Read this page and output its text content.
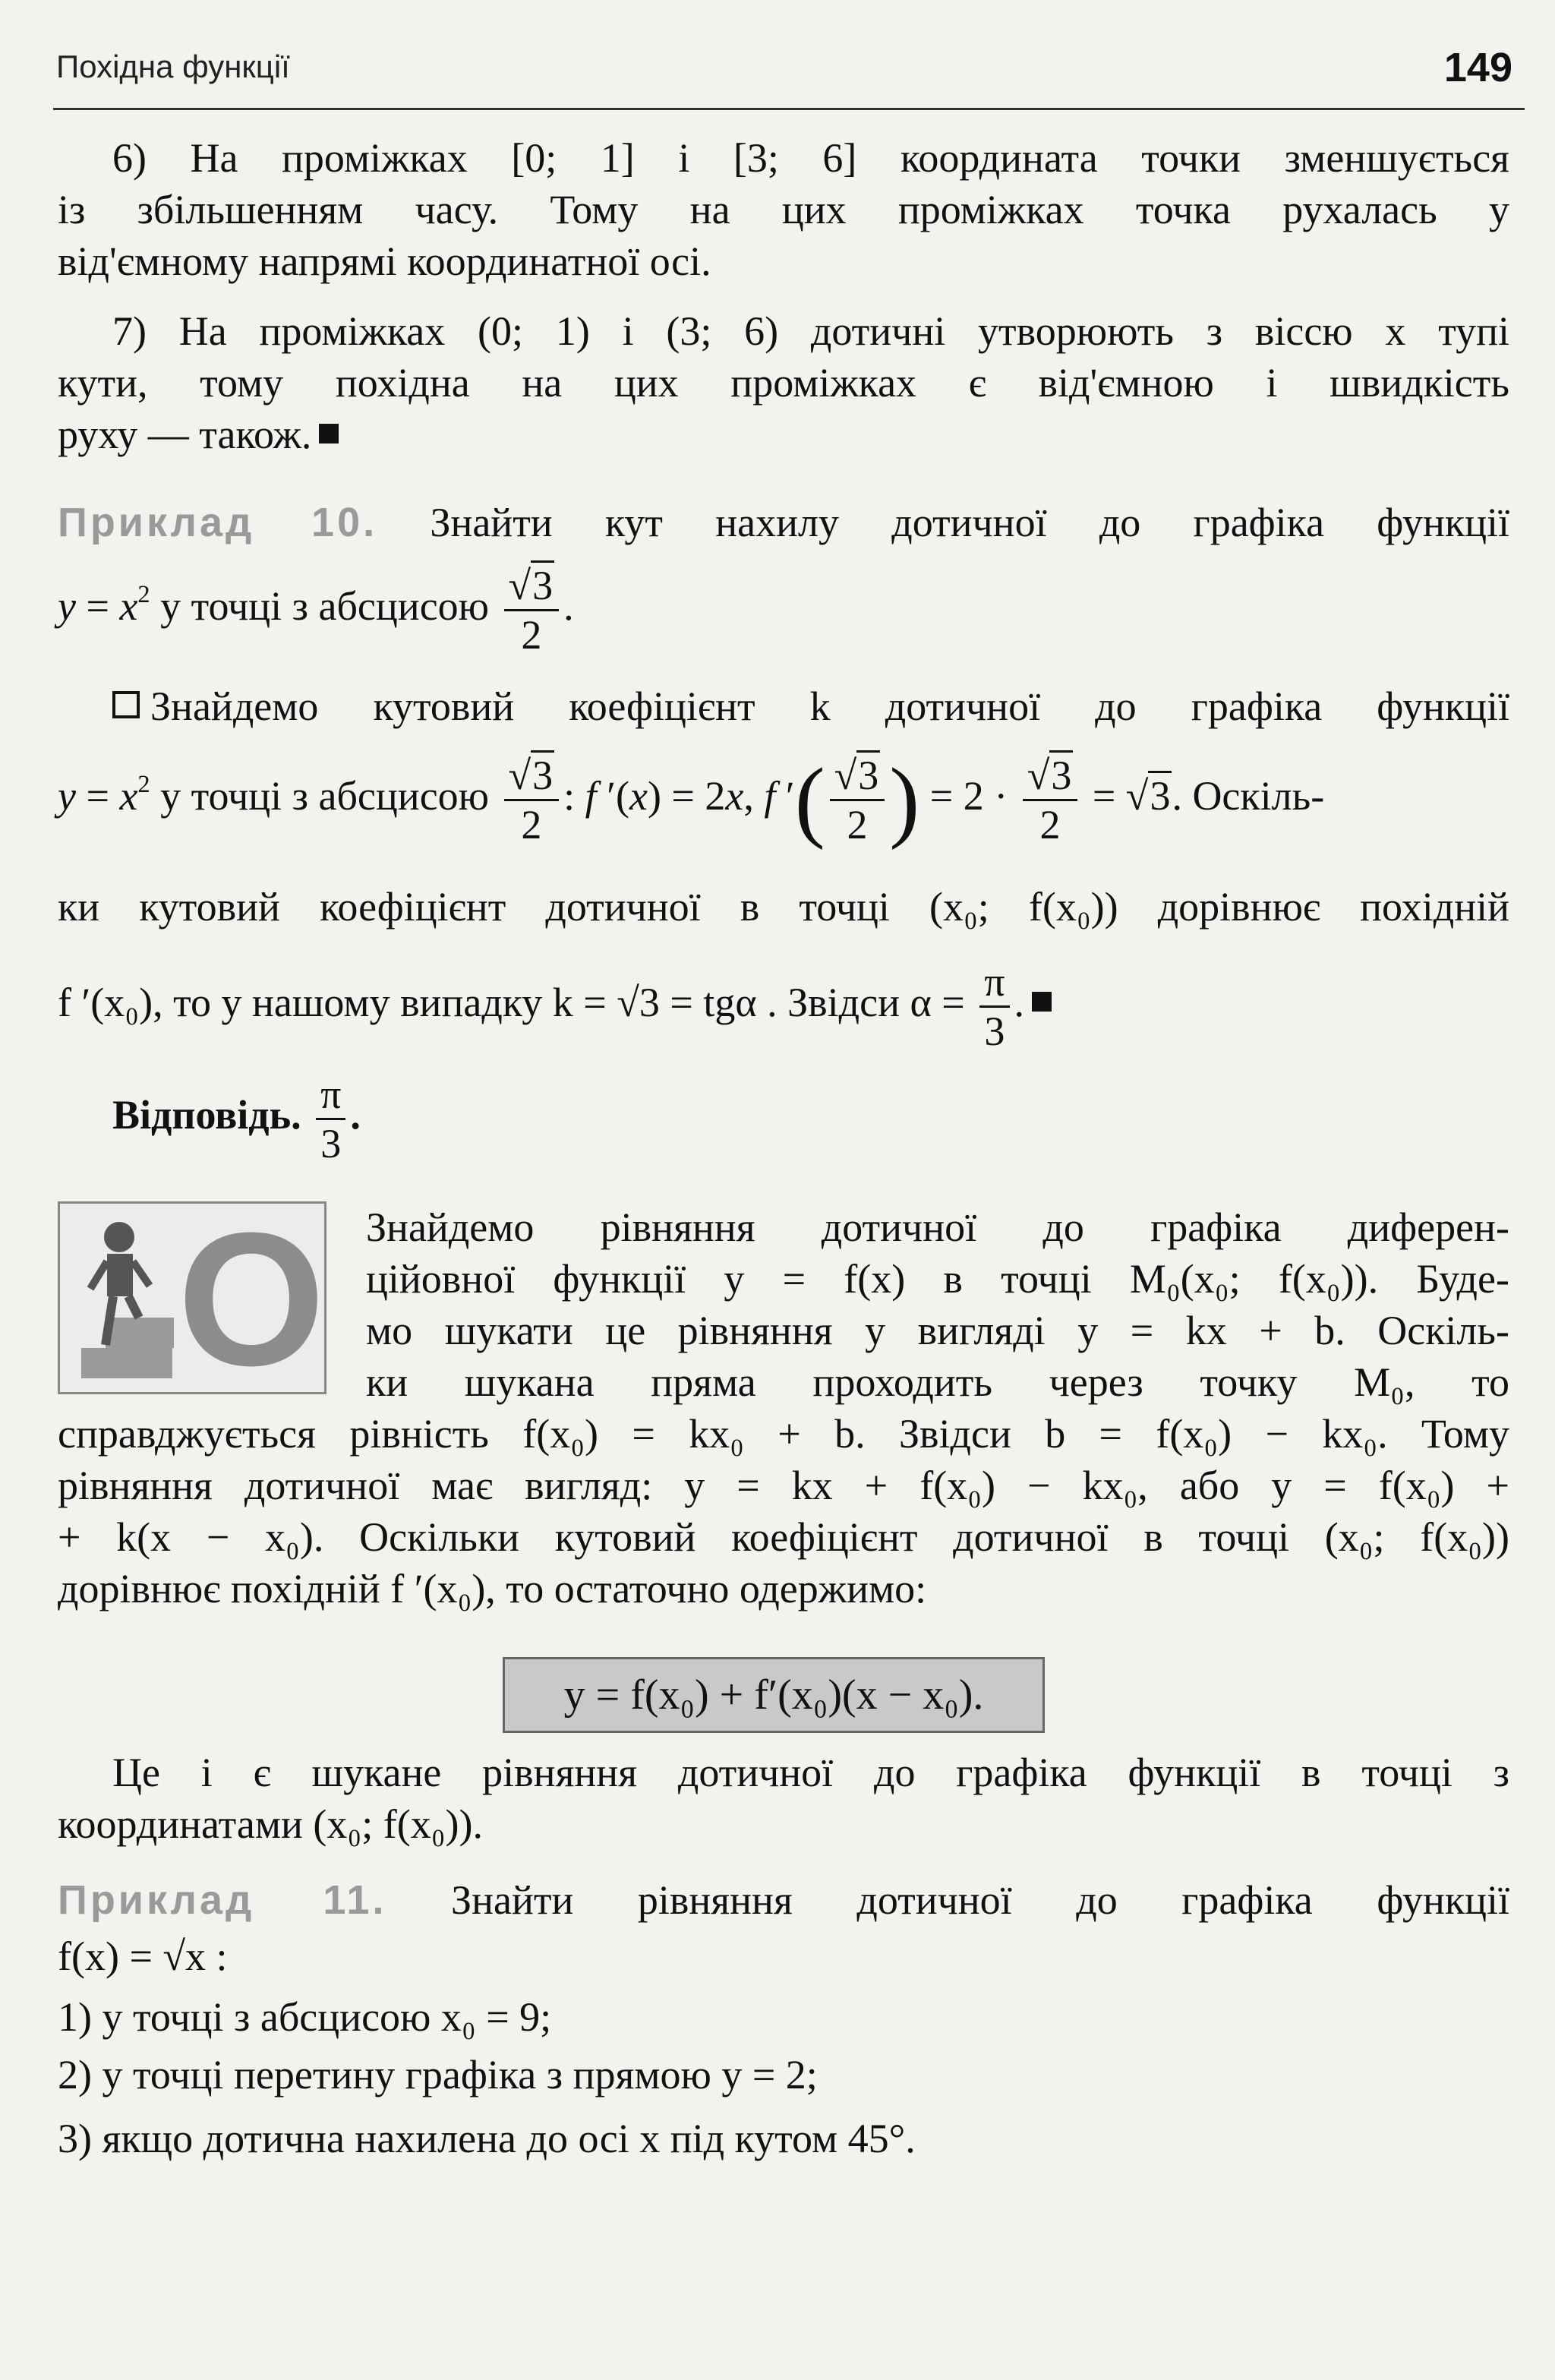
Похідна функції	149
6) На проміжках [0; 1] і [3; 6] координата точки зменшується
із збільшенням часу. Тому на цих проміжках точка рухалась у
від'ємному напрямі координатної осі.
7) На проміжках (0; 1) і (3; 6) дотичні утворюють з віссю x тупі
кути, тому похідна на цих проміжках є від'ємною і швидкість
руху — також.
Приклад 10. Знайти кут нахилу дотичної до графіка функції
$y = x^2$ у точці з абсцисою $\frac{√3}{2}$ .
Знайдемо кутовий коефіцієнт k дотичної до графіка функції
$y = x^2$ у точці з абсцисою $\frac{√3}{2}$ : f ′(x) = 2x, f ′( $\frac{√3}{2}$ ) = $2 \cdot \frac{√3}{2} = √3$. Оскіль-
ки кутовий коефіцієнт дотичної в точці (x₀; f(x₀)) дорівнює похідній
f ′(x₀), то у нашому випадку k = √3 = tgα . Звідси $\alpha = \frac{\pi}{3}$ .
Відповідь. $\frac{\pi}{3}$ .
O Знайдемо рівняння дотичної до графіка диферен-
ційовної функції y = f(x) в точці M₀(x₀; f(x₀)). Буде-
мо шукати це рівняння у вигляді y = kx + b. Оскіль-
ки шукана пряма проходить через точку M₀, то
справджується рівність f(x₀) = kx₀ + b. Звідси b = f(x₀) − kx₀. Тому
рівняння дотичної має вигляд: y = kx + f(x₀) − kx₀, або y = f(x₀) +
+ k(x − x₀). Оскільки кутовий коефіцієнт дотичної в точці (x₀; f(x₀))
дорівнює похідній f ′(x₀), то остаточно одержимо:
y = f(x₀) + f′(x₀)(x − x₀).
Це і є шукане рівняння дотичної до графіка функції в точці з
координатами (x₀; f(x₀)).
Приклад 11. Знайти рівняння дотичної до графіка функції
f(x) = √x :
1) у точці з абсцисою x₀ = 9;
2) у точці перетину графіка з прямою y = 2;
3) якщо дотична нахилена до осі x під кутом 45°.
